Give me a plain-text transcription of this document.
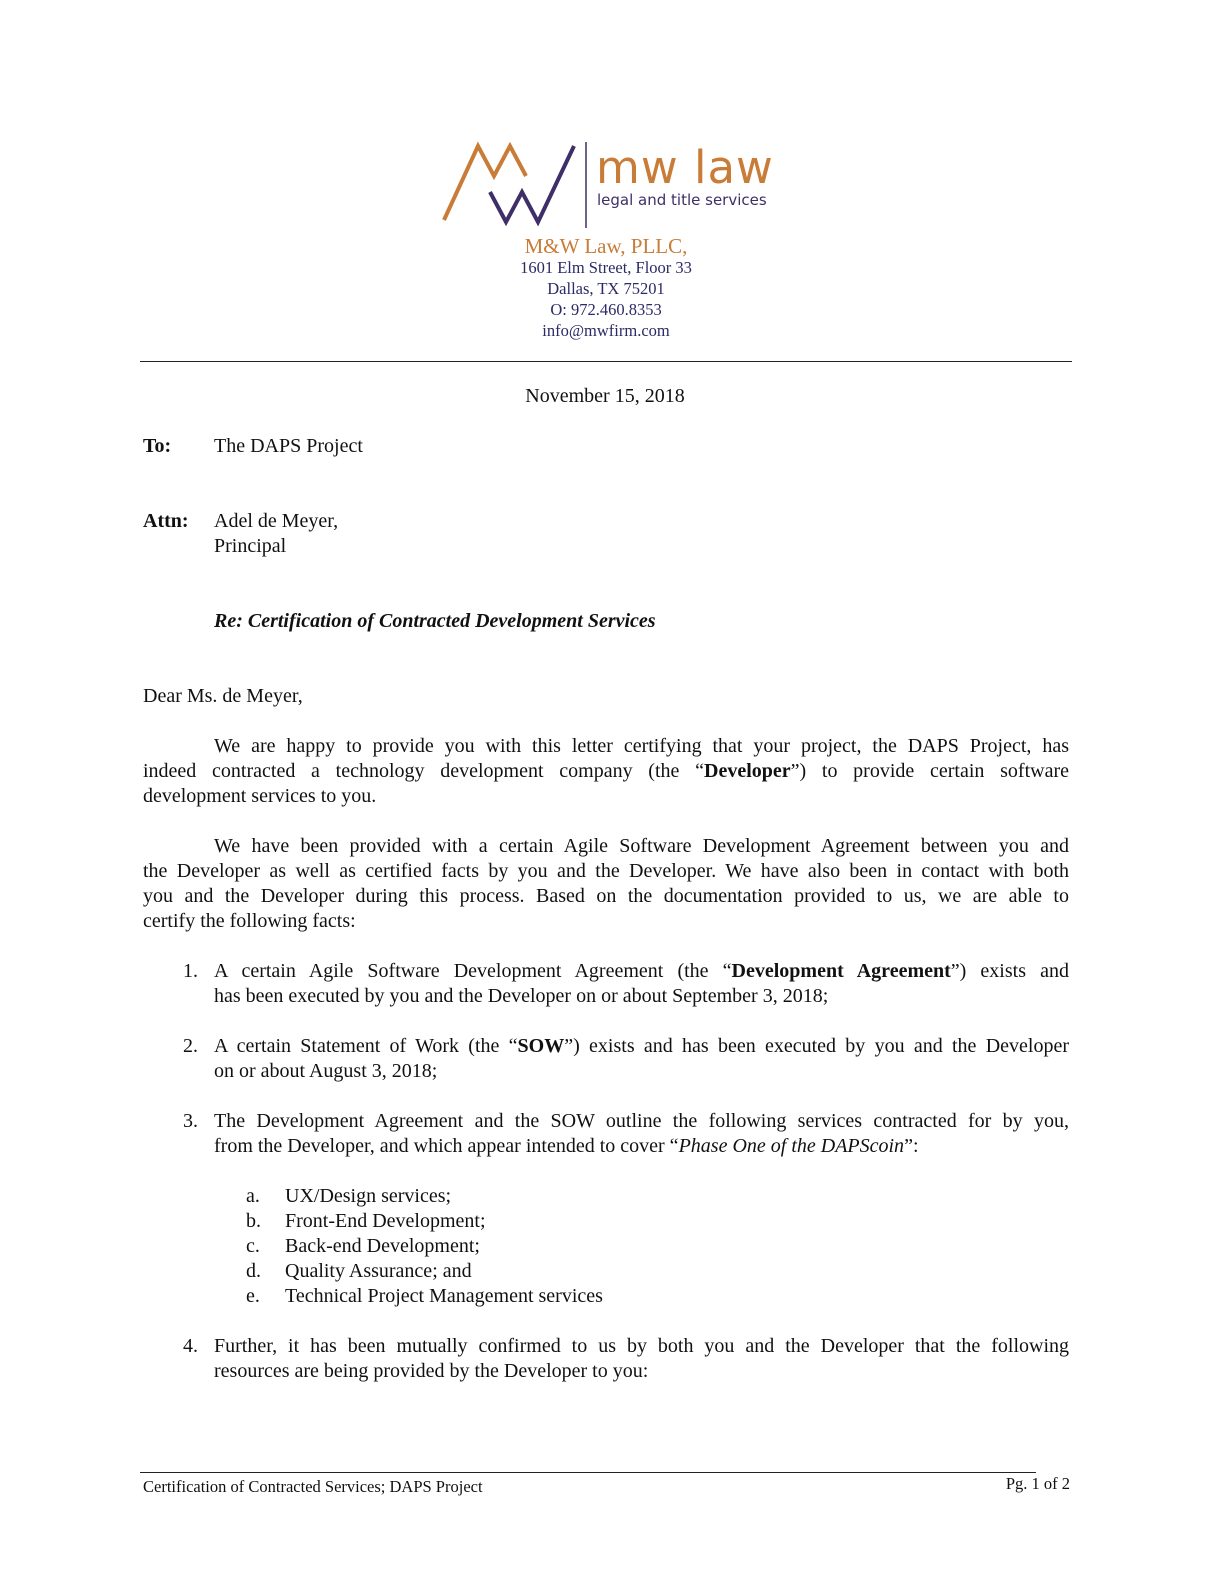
mw law
legal and title services
M&W Law, PLLC,
1601 Elm Street, Floor 33
Dallas, TX 75201
O: 972.460.8353
info@mwfirm.com
November 15, 2018
To: The DAPS Project
Attn: Adel de Meyer,
Principal
Re: Certification of Contracted Development Services
Dear Ms. de Meyer,
We are happy to provide you with this letter certifying that your project, the DAPS Project, has
indeed contracted a technology development company (the “Developer”) to provide certain software
development services to you.
We have been provided with a certain Agile Software Development Agreement between you and
the Developer as well as certified facts by you and the Developer. We have also been in contact with both
you and the Developer during this process. Based on the documentation provided to us, we are able to
certify the following facts:
1. A certain Agile Software Development Agreement (the “Development Agreement”) exists and
has been executed by you and the Developer on or about September 3, 2018;
2. A certain Statement of Work (the “SOW”) exists and has been executed by you and the Developer
on or about August 3, 2018;
3. The Development Agreement and the SOW outline the following services contracted for by you,
from the Developer, and which appear intended to cover “Phase One of the DAPScoin”:
a.	UX/Design services;
b.	Front-End Development;
c.	Back-end Development;
d.	Quality Assurance; and
e.	Technical Project Management services
4. Further, it has been mutually confirmed to us by both you and the Developer that the following
resources are being provided by the Developer to you:
Certification of Contracted Services; DAPS Project	Pg. 1 of 2
